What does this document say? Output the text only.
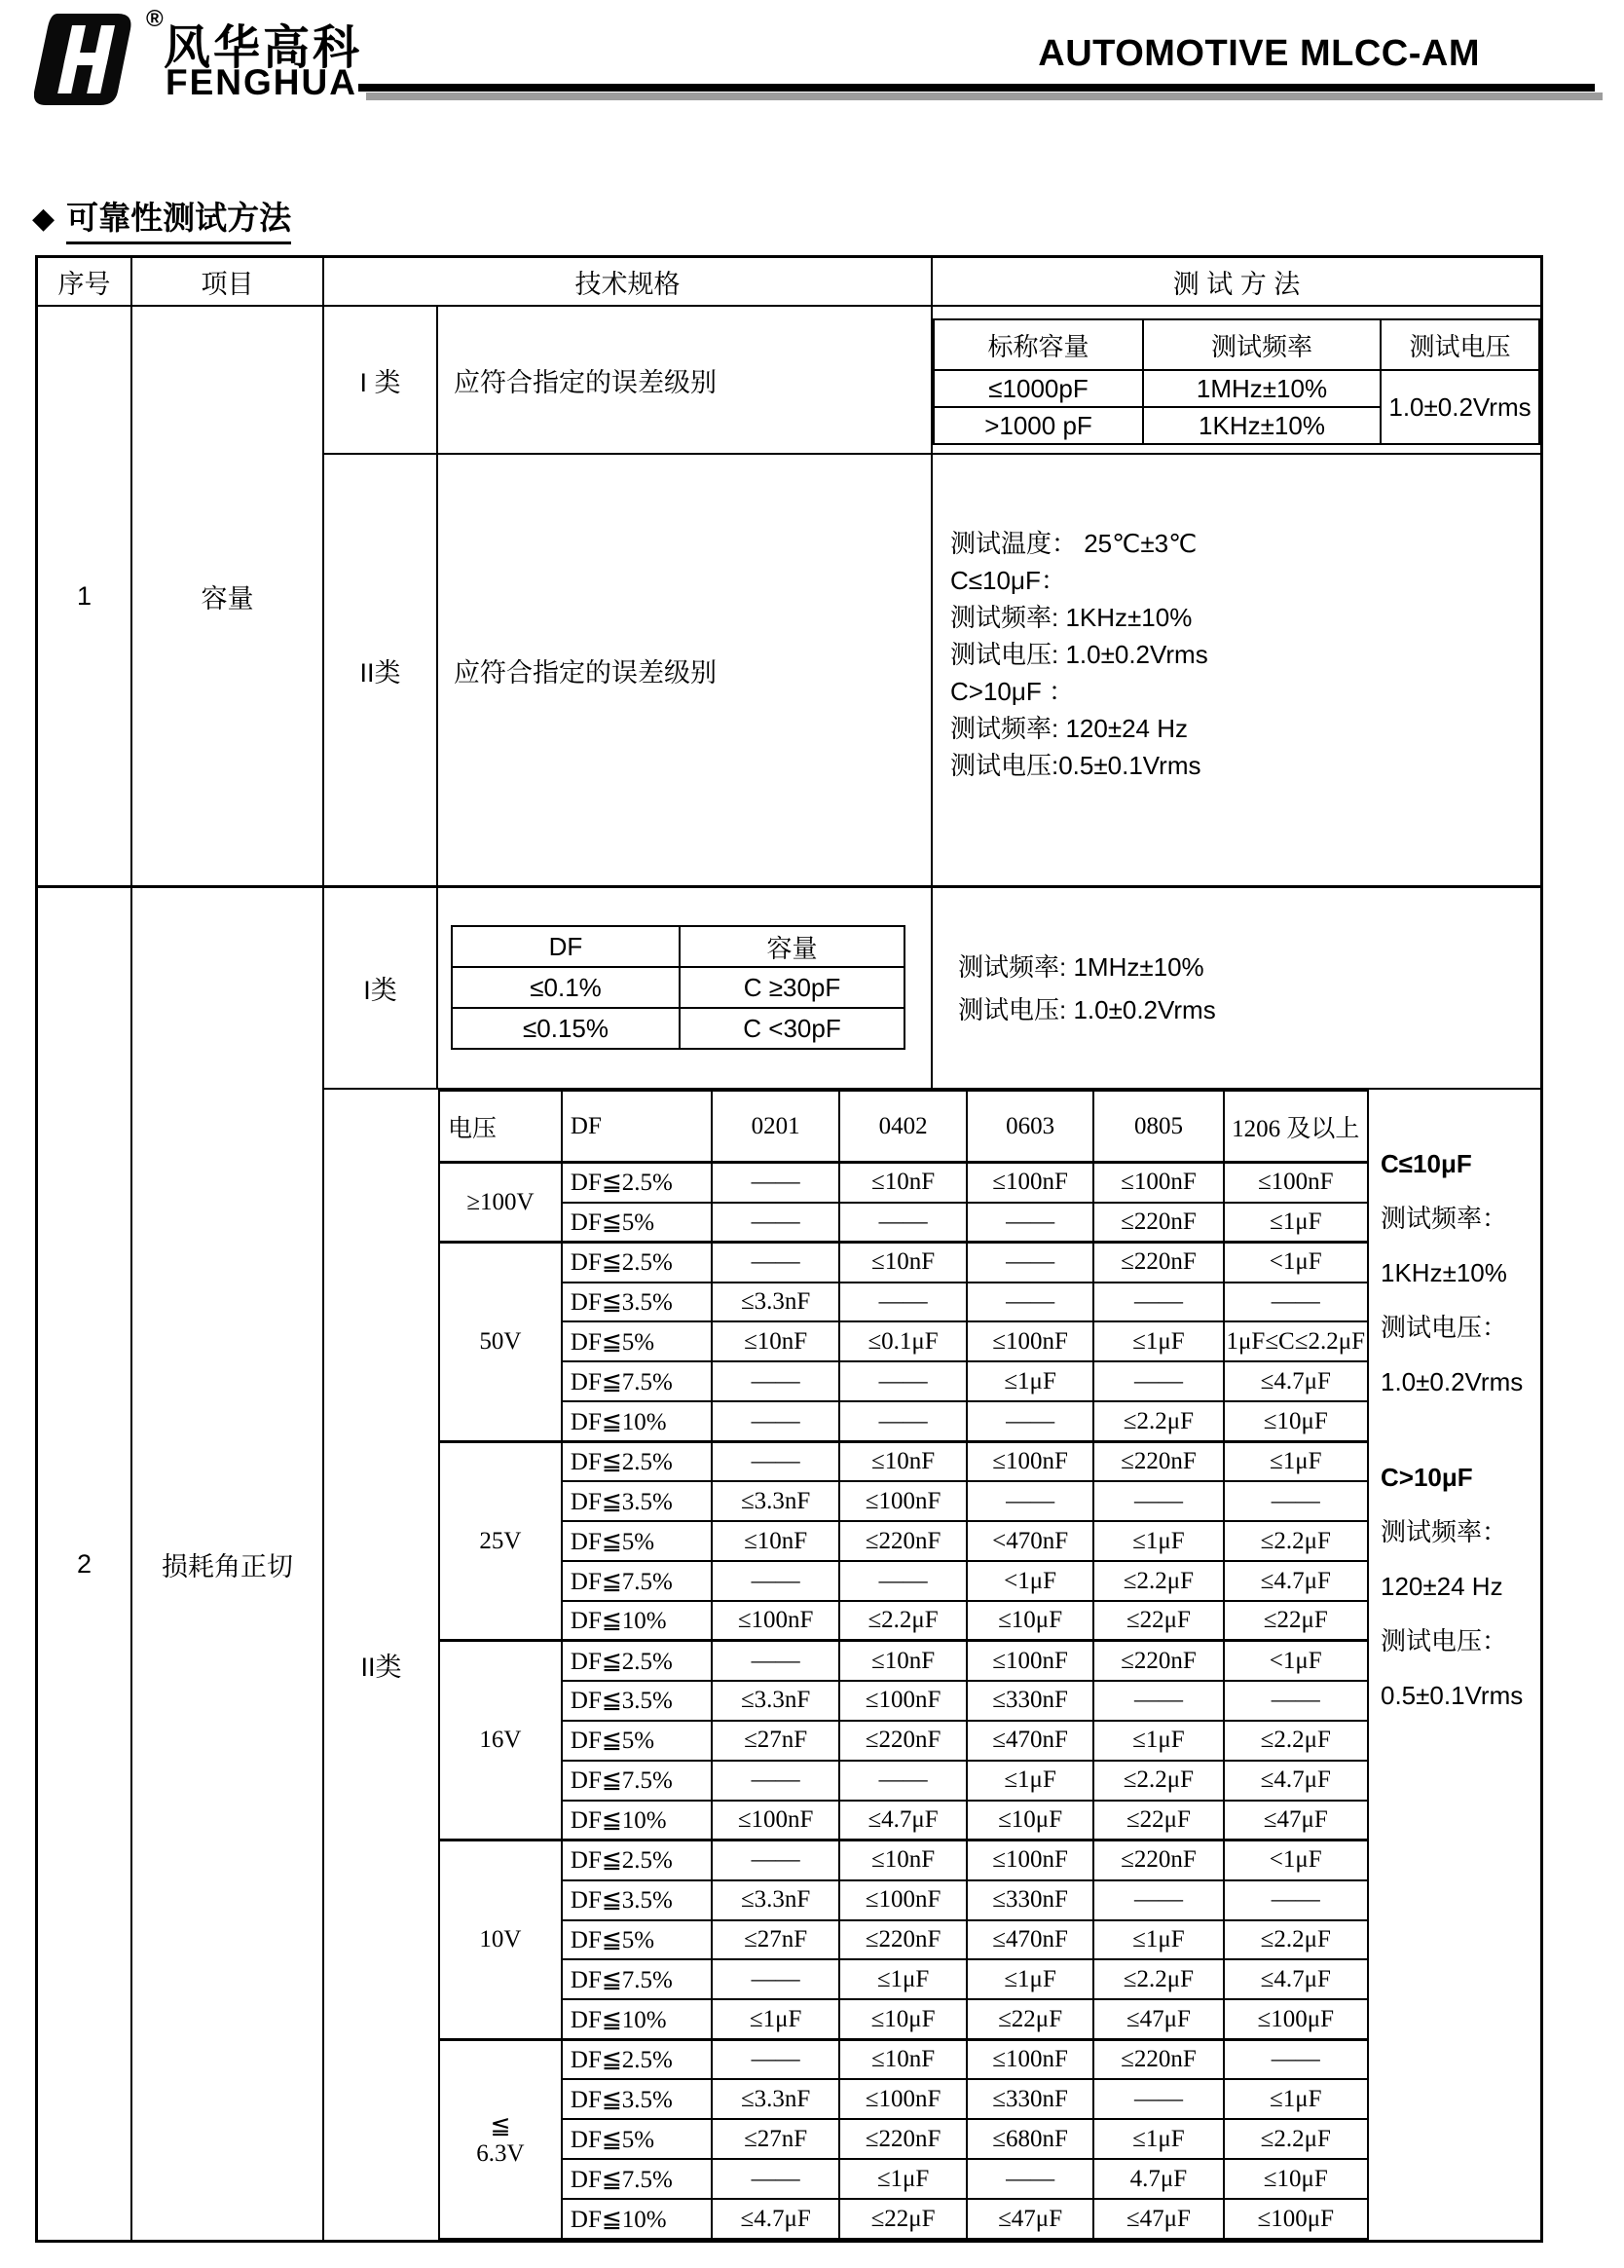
®
风华高科
FENGHUA
AUTOMOTIVE MLCC-AM
◆ 可靠性测试方法
序号	项目	技术规格	测 试 方 法
1	容量
I 类	应符合指定的误差级别
标称容量	测试频率	测试电压
≤1000pF	1MHz±10%	1.0±0.2Vrms
>1000 pF	1KHz±10%	
II类	应符合指定的误差级别
测试温度： 25℃±3℃
C≤10μF：
测试频率: 1KHz±10%
测试电压: 1.0±0.2Vrms
C>10μF ：
测试频率: 120±24 Hz
测试电压:0.5±0.1Vrms
2	损耗角正切
I类
DF	容量
≤0.1%	C ≥30pF
≤0.15%	C <30pF
测试频率: 1MHz±10%
测试电压: 1.0±0.2Vrms
II类
电压	DF	0201	0402	0603	0805	1206 及以上
≥100V	DF≦2.5%	——	≤10nF	≤100nF	≤100nF	≤100nF
	DF≦5%	——	——	——	≤220nF	≤1μF
50V	DF≦2.5%	——	≤10nF	——	≤220nF	<1μF
	DF≦3.5%	≤3.3nF	——	——	——	——
	DF≦5%	≤10nF	≤0.1μF	≤100nF	≤1μF	1μF≤C≤2.2μF
	DF≦7.5%	——	——	≤1μF	——	≤4.7μF
	DF≦10%	——	——	——	≤2.2μF	≤10μF
25V	DF≦2.5%	——	≤10nF	≤100nF	≤220nF	≤1μF
	DF≦3.5%	≤3.3nF	≤100nF	——	——	——
	DF≦5%	≤10nF	≤220nF	<470nF	≤1μF	≤2.2μF
	DF≦7.5%	——	——	<1μF	≤2.2μF	≤4.7μF
	DF≦10%	≤100nF	≤2.2μF	≤10μF	≤22μF	≤22μF
16V	DF≦2.5%	——	≤10nF	≤100nF	≤220nF	<1μF
	DF≦3.5%	≤3.3nF	≤100nF	≤330nF	——	——
	DF≦5%	≤27nF	≤220nF	≤470nF	≤1μF	≤2.2μF
	DF≦7.5%	——	——	≤1μF	≤2.2μF	≤4.7μF
	DF≦10%	≤100nF	≤4.7μF	≤10μF	≤22μF	≤47μF
10V	DF≦2.5%	——	≤10nF	≤100nF	≤220nF	<1μF
	DF≦3.5%	≤3.3nF	≤100nF	≤330nF	——	——
	DF≦5%	≤27nF	≤220nF	≤470nF	≤1μF	≤2.2μF
	DF≦7.5%	——	≤1μF	≤1μF	≤2.2μF	≤4.7μF
	DF≦10%	≤1μF	≤10μF	≤22μF	≤47μF	≤100μF
≦
6.3V	DF≦2.5%	——	≤10nF	≤100nF	≤220nF	——
	DF≦3.5%	≤3.3nF	≤100nF	≤330nF	——	≤1μF
	DF≦5%	≤27nF	≤220nF	≤680nF	≤1μF	≤2.2μF
	DF≦7.5%	——	≤1μF	——	4.7μF	≤10μF
	DF≦10%	≤4.7μF	≤22μF	≤47μF	≤47μF	≤100μF
C≤10μF
测试频率：
1KHz±10%
测试电压：
1.0±0.2Vrms
C>10μF
测试频率：
120±24 Hz
测试电压：
0.5±0.1Vrms
